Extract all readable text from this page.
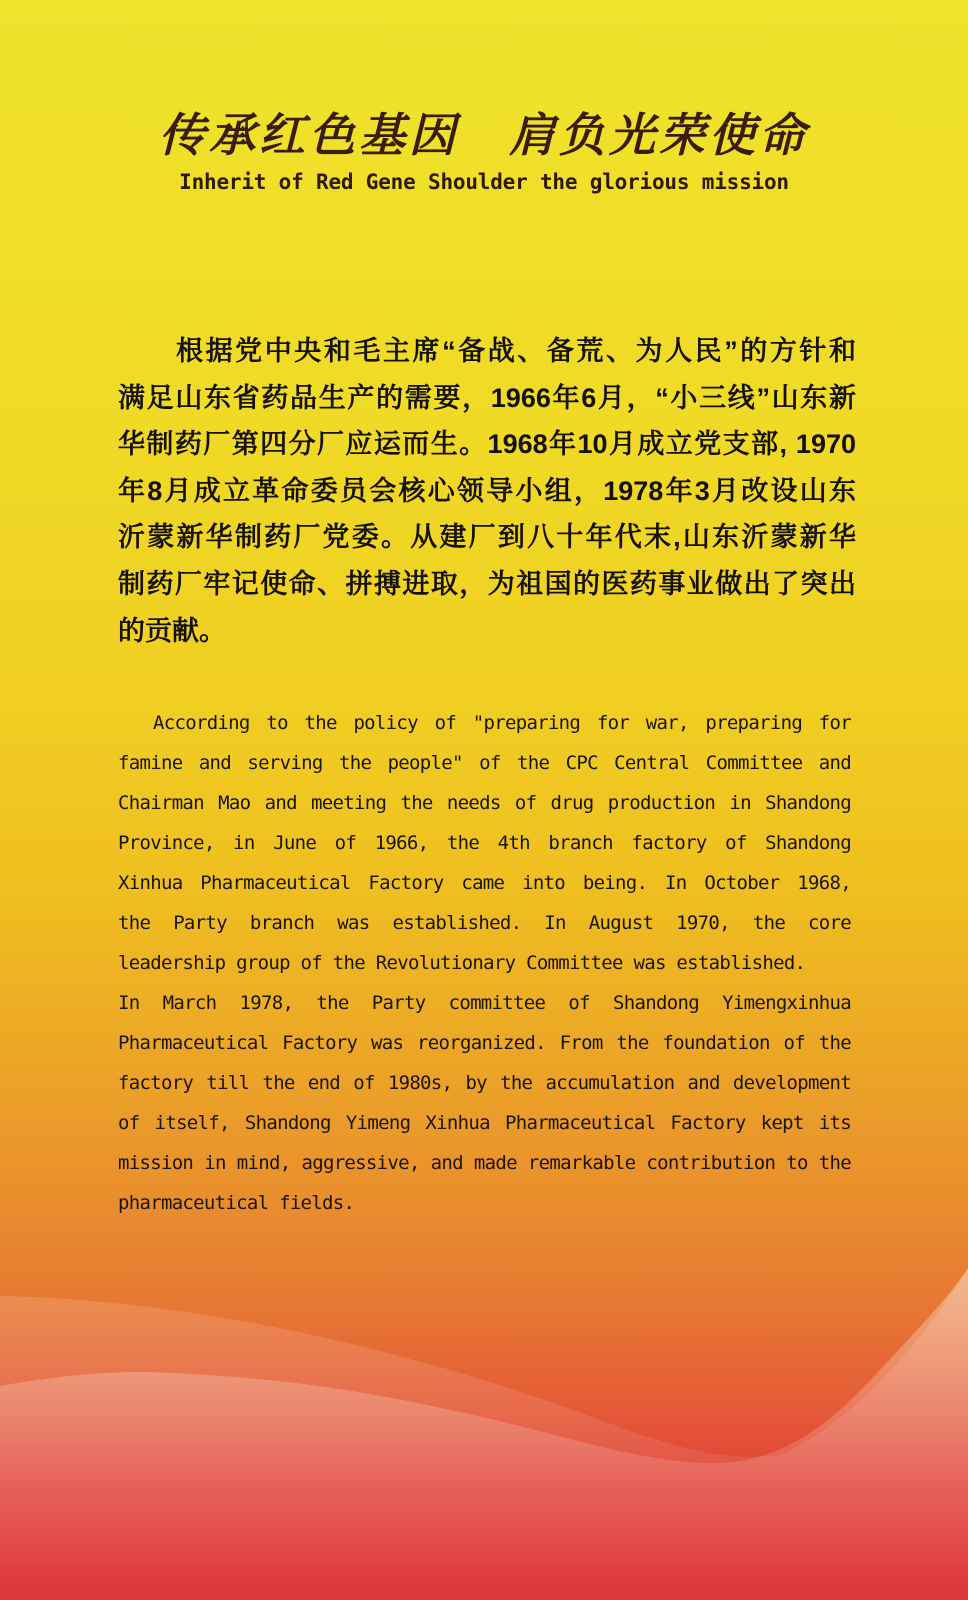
传承红色基因　肩负光荣使命
Inherit of Red Gene Shoulder the glorious mission
根据党中央和毛主席“备战、备荒、为人民”的方针和
满足山东省药品生产的需要，1966年6月，“小三线”山东新
华制药厂第四分厂应运而生。1968年10月成立党支部, 1970
年8月成立革命委员会核心领导小组，1978年3月改设山东
沂蒙新华制药厂党委。从建厂到八十年代末,山东沂蒙新华
制药厂牢记使命、拼搏进取，为祖国的医药事业做出了突出
的贡献。
According to the policy of "preparing for war, preparing for
famine and serving the people" of the CPC Central Committee and
Chairman Mao and meeting the needs of drug production in Shandong
Province, in June of 1966, the 4th branch factory of Shandong
Xinhua Pharmaceutical Factory came into being. In October 1968,
the Party branch was established. In August 1970, the core
leadership group of the Revolutionary Committee was established.
In March 1978, the Party committee of Shandong Yimengxinhua
Pharmaceutical Factory was reorganized. From the foundation of the
factory till the end of 1980s, by the accumulation and development
of itself, Shandong Yimeng Xinhua Pharmaceutical Factory kept its
mission in mind, aggressive, and made remarkable contribution to the
pharmaceutical fields.
